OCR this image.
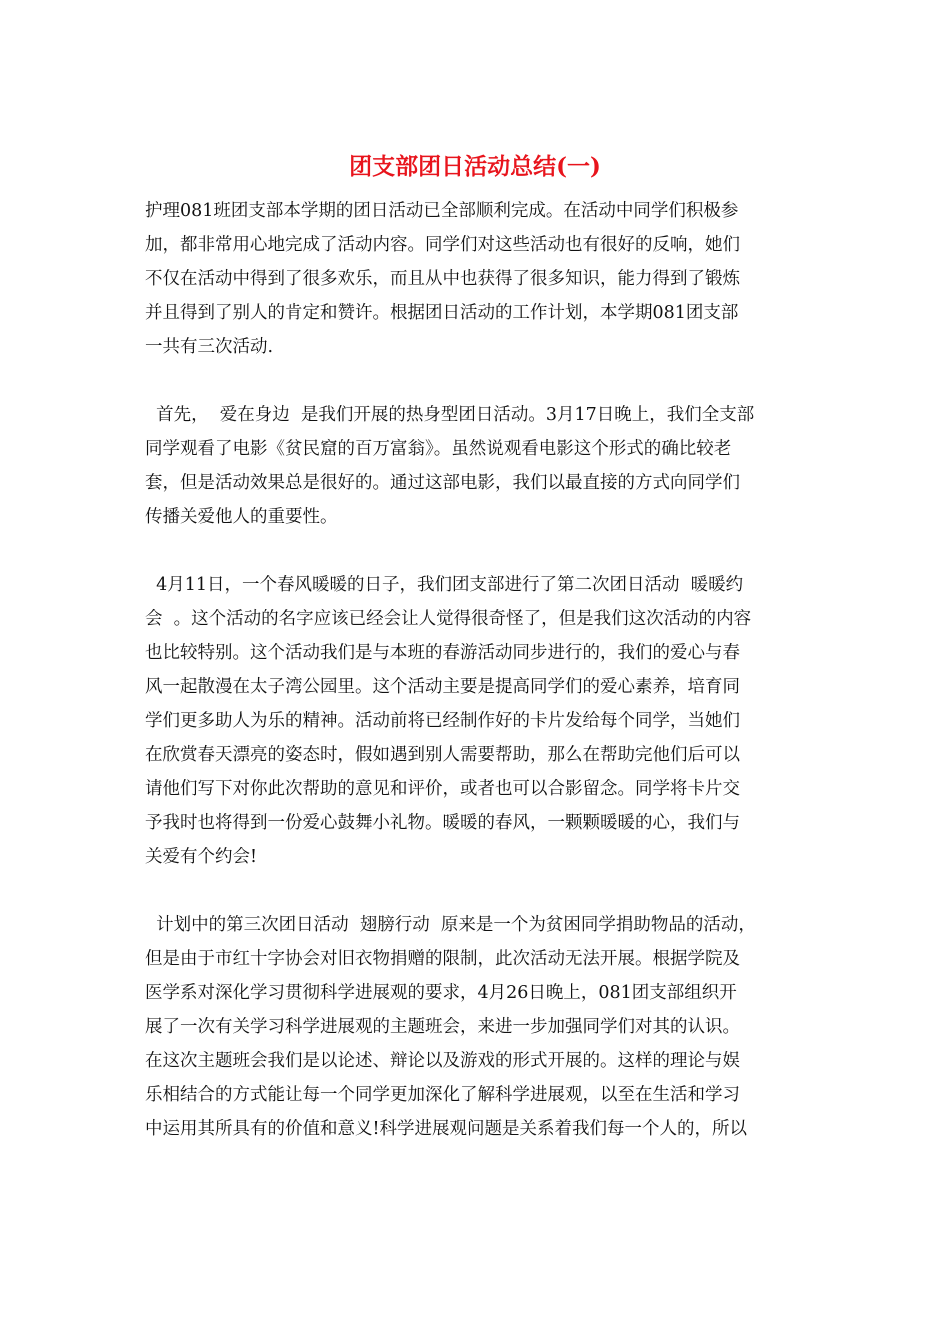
团支部团日活动总结(一)
护理081班团支部本学期的团日活动已全部顺利完成。在活动中同学们积极参
加，都非常用心地完成了活动内容。同学们对这些活动也有很好的反响，她们
不仅在活动中得到了很多欢乐，而且从中也获得了很多知识，能力得到了锻炼
并且得到了别人的肯定和赞许。根据团日活动的工作计划，本学期081团支部
一共有三次活动.
首先，  爱在身边  是我们开展的热身型团日活动。3月17日晚上，我们全支部
同学观看了电影《贫民窟的百万富翁》。虽然说观看电影这个形式的确比较老
套，但是活动效果总是很好的。通过这部电影，我们以最直接的方式向同学们
传播关爱他人的重要性。
4月11日，一个春风暖暖的日子，我们团支部进行了第二次团日活动  暖暖约
会  。这个活动的名字应该已经会让人觉得很奇怪了，但是我们这次活动的内容
也比较特别。这个活动我们是与本班的春游活动同步进行的，我们的爱心与春
风一起散漫在太子湾公园里。这个活动主要是提高同学们的爱心素养，培育同
学们更多助人为乐的精神。活动前将已经制作好的卡片发给每个同学，当她们
在欣赏春天漂亮的姿态时，假如遇到别人需要帮助，那么在帮助完他们后可以
请他们写下对你此次帮助的意见和评价，或者也可以合影留念。同学将卡片交
予我时也将得到一份爱心鼓舞小礼物。暖暖的春风，一颗颗暖暖的心，我们与
关爱有个约会!
计划中的第三次团日活动  翅膀行动  原来是一个为贫困同学捐助物品的活动，
但是由于市红十字协会对旧衣物捐赠的限制，此次活动无法开展。根据学院及
医学系对深化学习贯彻科学进展观的要求，4月26日晚上，081团支部组织开
展了一次有关学习科学进展观的主题班会，来进一步加强同学们对其的认识。
在这次主题班会我们是以论述、辩论以及游戏的形式开展的。这样的理论与娱
乐相结合的方式能让每一个同学更加深化了解科学进展观，以至在生活和学习
中运用其所具有的价值和意义!科学进展观问题是关系着我们每一个人的，所以
